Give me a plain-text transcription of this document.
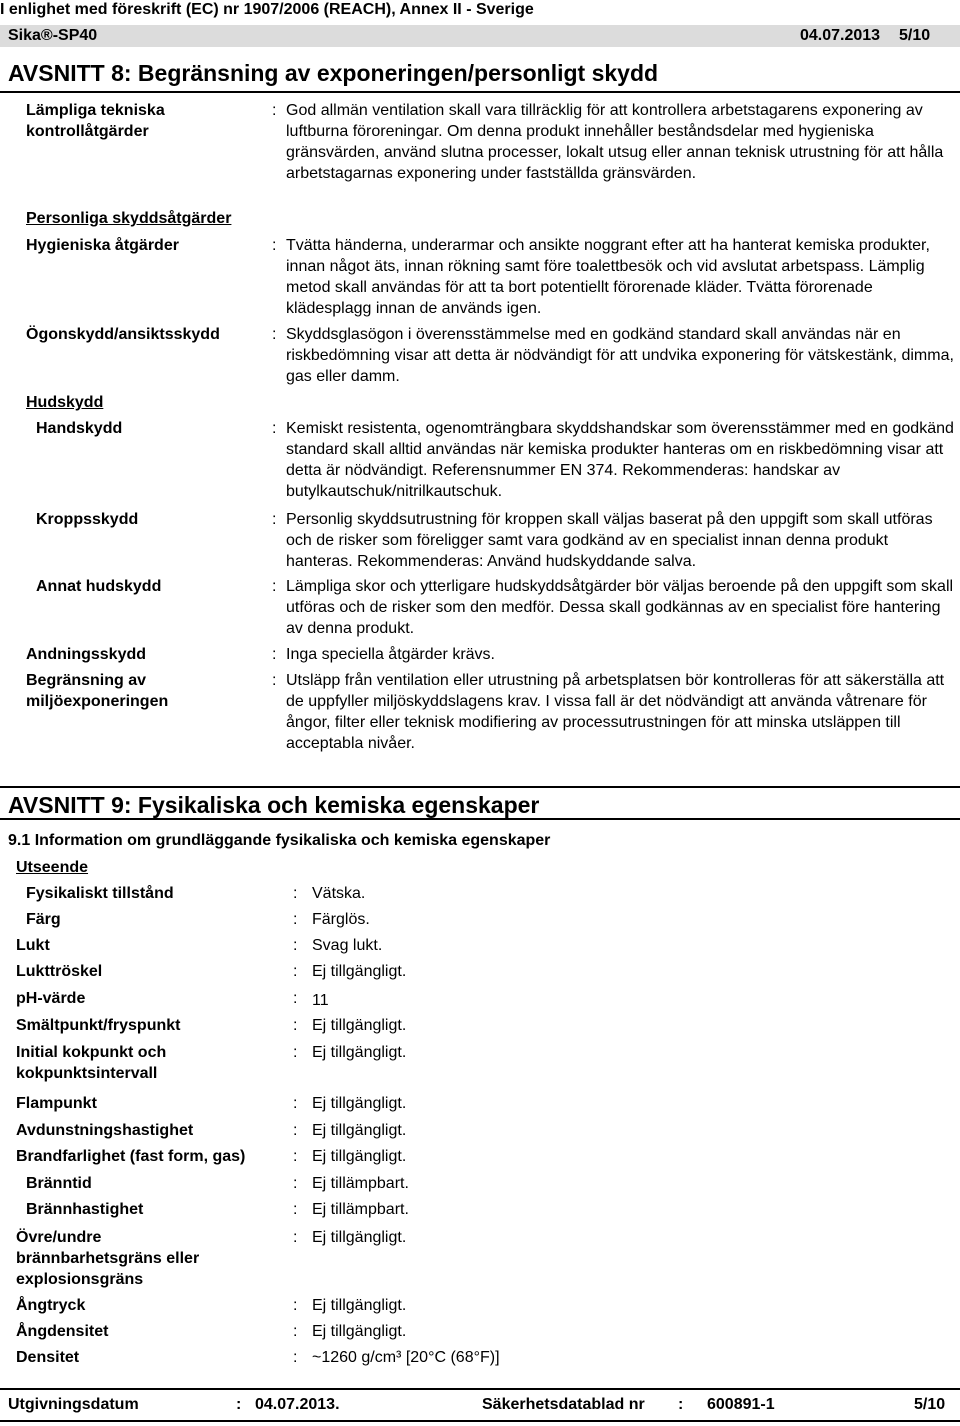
I enlighet med föreskrift (EC) nr 1907/2006 (REACH), Annex II - Sverige
Sika®-SP40	04.07.2013 5/10
AVSNITT 8: Begränsning av exponeringen/personligt skydd
Lämpliga tekniska
kontrollåtgärder
: God allmän ventilation skall vara tillräcklig för att kontrollera arbetstagarens exponering av luftburna föroreningar. Om denna produkt innehåller beståndsdelar med hygieniska gränsvärden, använd slutna processer, lokalt utsug eller annan teknisk utrustning för att hålla arbetstagarnas exponering under fastställda gränsvärden.
Personliga skyddsåtgärder
Hygieniska åtgärder	: Tvätta händerna, underarmar och ansikte noggrant efter att ha hanterat kemiska produkter, innan något äts, innan rökning samt före toalettbesök och vid avslutat arbetspass. Lämplig metod skall användas för att ta bort potentiellt förorenade kläder. Tvätta förorenade klädesplagg innan de används igen.
Ögonskydd/ansiktsskydd	: Skyddsglasögon i överensstämmelse med en godkänd standard skall användas när en riskbedömning visar att detta är nödvändigt för att undvika exponering för vätskestänk, dimma, gas eller damm.
Hudskydd
Handskydd	: Kemiskt resistenta, ogenomträngbara skyddshandskar som överensstämmer med en godkänd standard skall alltid användas när kemiska produkter hanteras om en riskbedömning visar att detta är nödvändigt. Referensnummer EN 374. Rekommenderas: handskar av butylkautschuk/nitrilkautschuk.
Kroppsskydd	: Personlig skyddsutrustning för kroppen skall väljas baserat på den uppgift som skall utföras och de risker som föreligger samt vara godkänd av en specialist innan denna produkt hanteras. Rekommenderas: Använd hudskyddande salva.
Annat hudskydd	: Lämpliga skor och ytterligare hudskyddsåtgärder bör väljas beroende på den uppgift som skall utföras och de risker som den medför. Dessa skall godkännas av en specialist före hantering av denna produkt.
Andningsskydd	: Inga speciella åtgärder krävs.
Begränsning av
miljöexponeringen
: Utsläpp från ventilation eller utrustning på arbetsplatsen bör kontrolleras för att säkerställa att de uppfyller miljöskyddslagens krav. I vissa fall är det nödvändigt att använda våtrenare för ångor, filter eller teknisk modifiering av processutrustningen för att minska utsläppen till acceptabla nivåer.
AVSNITT 9: Fysikaliska och kemiska egenskaper
9.1 Information om grundläggande fysikaliska och kemiska egenskaper
Utseende
Fysikaliskt tillstånd	: Vätska.
Färg	: Färglös.
Lukt	: Svag lukt.
Lukttröskel	: Ej tillgängligt.
pH-värde	: 11
Smältpunkt/fryspunkt	: Ej tillgängligt.
Initial kokpunkt och
kokpunktsintervall
: Ej tillgängligt.
Flampunkt	: Ej tillgängligt.
Avdunstningshastighet	: Ej tillgängligt.
Brandfarlighet (fast form, gas)	: Ej tillgängligt.
Bränntid	: Ej tillämpbart.
Brännhastighet	: Ej tillämpbart.
Övre/undre
brännbarhetsgräns eller
explosionsgräns
: Ej tillgängligt.
Ångtryck	: Ej tillgängligt.
Ångdensitet	: Ej tillgängligt.
Densitet	: ~1260 g/cm³ [20°C (68°F)]
Utgivningsdatum	: 04.07.2013.	Säkerhetsdatablad nr : 600891-1	5/10
